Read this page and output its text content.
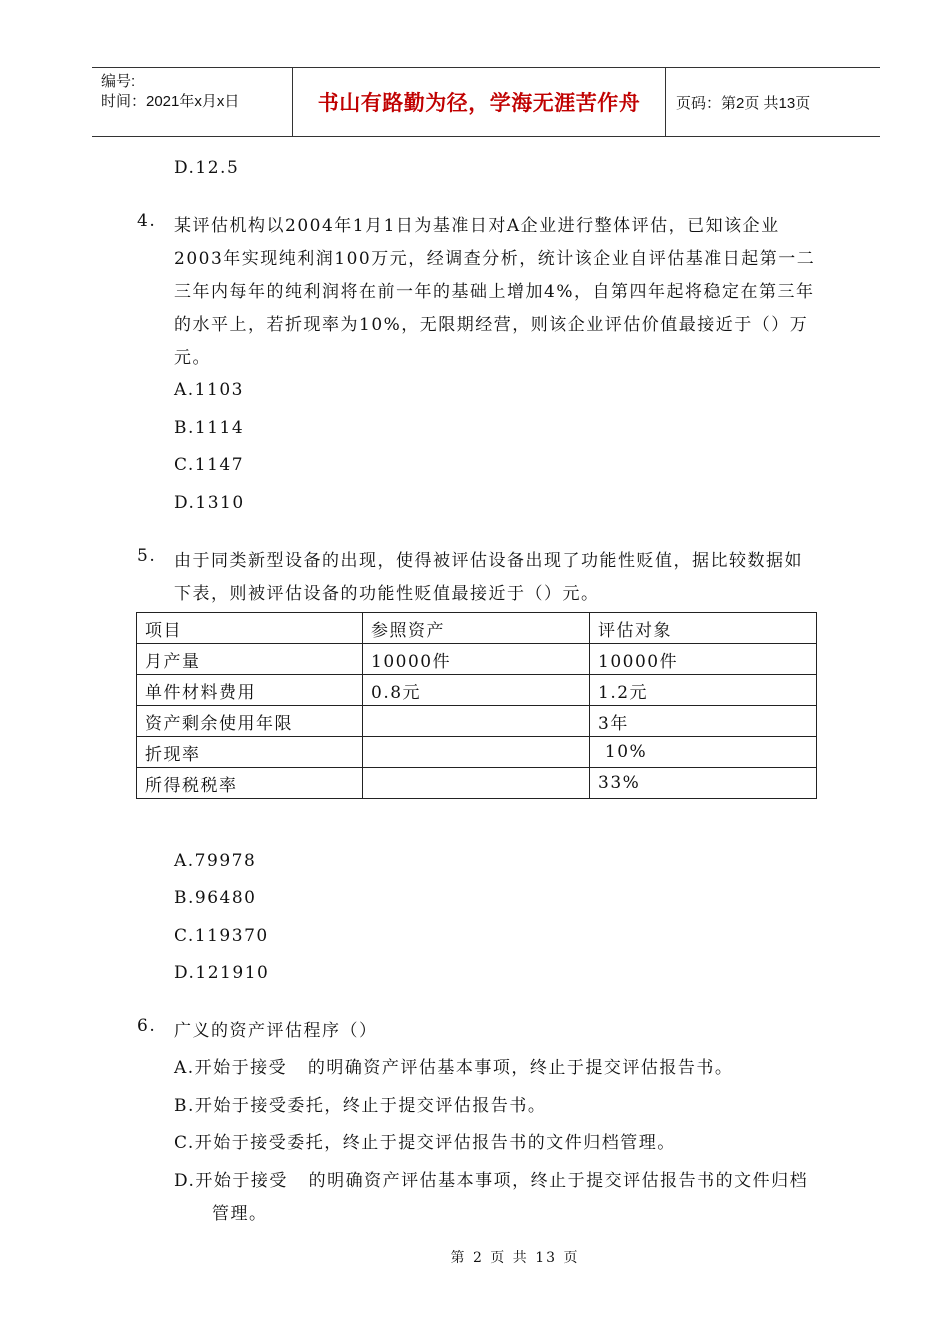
编号:
时间：2021年x月x日	书山有路勤为径，学海无涯苦作舟	页码：第2页 共13页
D.12.5
4. 某评估机构以2004年1月1日为基准日对A企业进行整体评估，已知该企业
2003年实现纯利润100万元，经调查分析，统计该企业自评估基准日起第一二
三年内每年的纯利润将在前一年的基础上增加4%，自第四年起将稳定在第三年
的水平上，若折现率为10%，无限期经营，则该企业评估价值最接近于（）万
元。
A.1103
B.1114
C.1147
D.1310
5. 由于同类新型设备的出现，使得被评估设备出现了功能性贬值，据比较数据如
下表，则被评估设备的功能性贬值最接近于（）元。
项目	参照资产	评估对象
月产量	10000件	10000件
单件材料费用	0.8元	1.2元
资产剩余使用年限		3年
折现率		10%
所得税税率		33%
A.79978
B.96480
C.119370
D.121910
6. 广义的资产评估程序（）
A.开始于接受   的明确资产评估基本事项，终止于提交评估报告书。
B.开始于接受委托，终止于提交评估报告书。
C.开始于接受委托，终止于提交评估报告书的文件归档管理。
D.开始于接受   的明确资产评估基本事项，终止于提交评估报告书的文件归档
管理。
第 2 页 共 13 页
